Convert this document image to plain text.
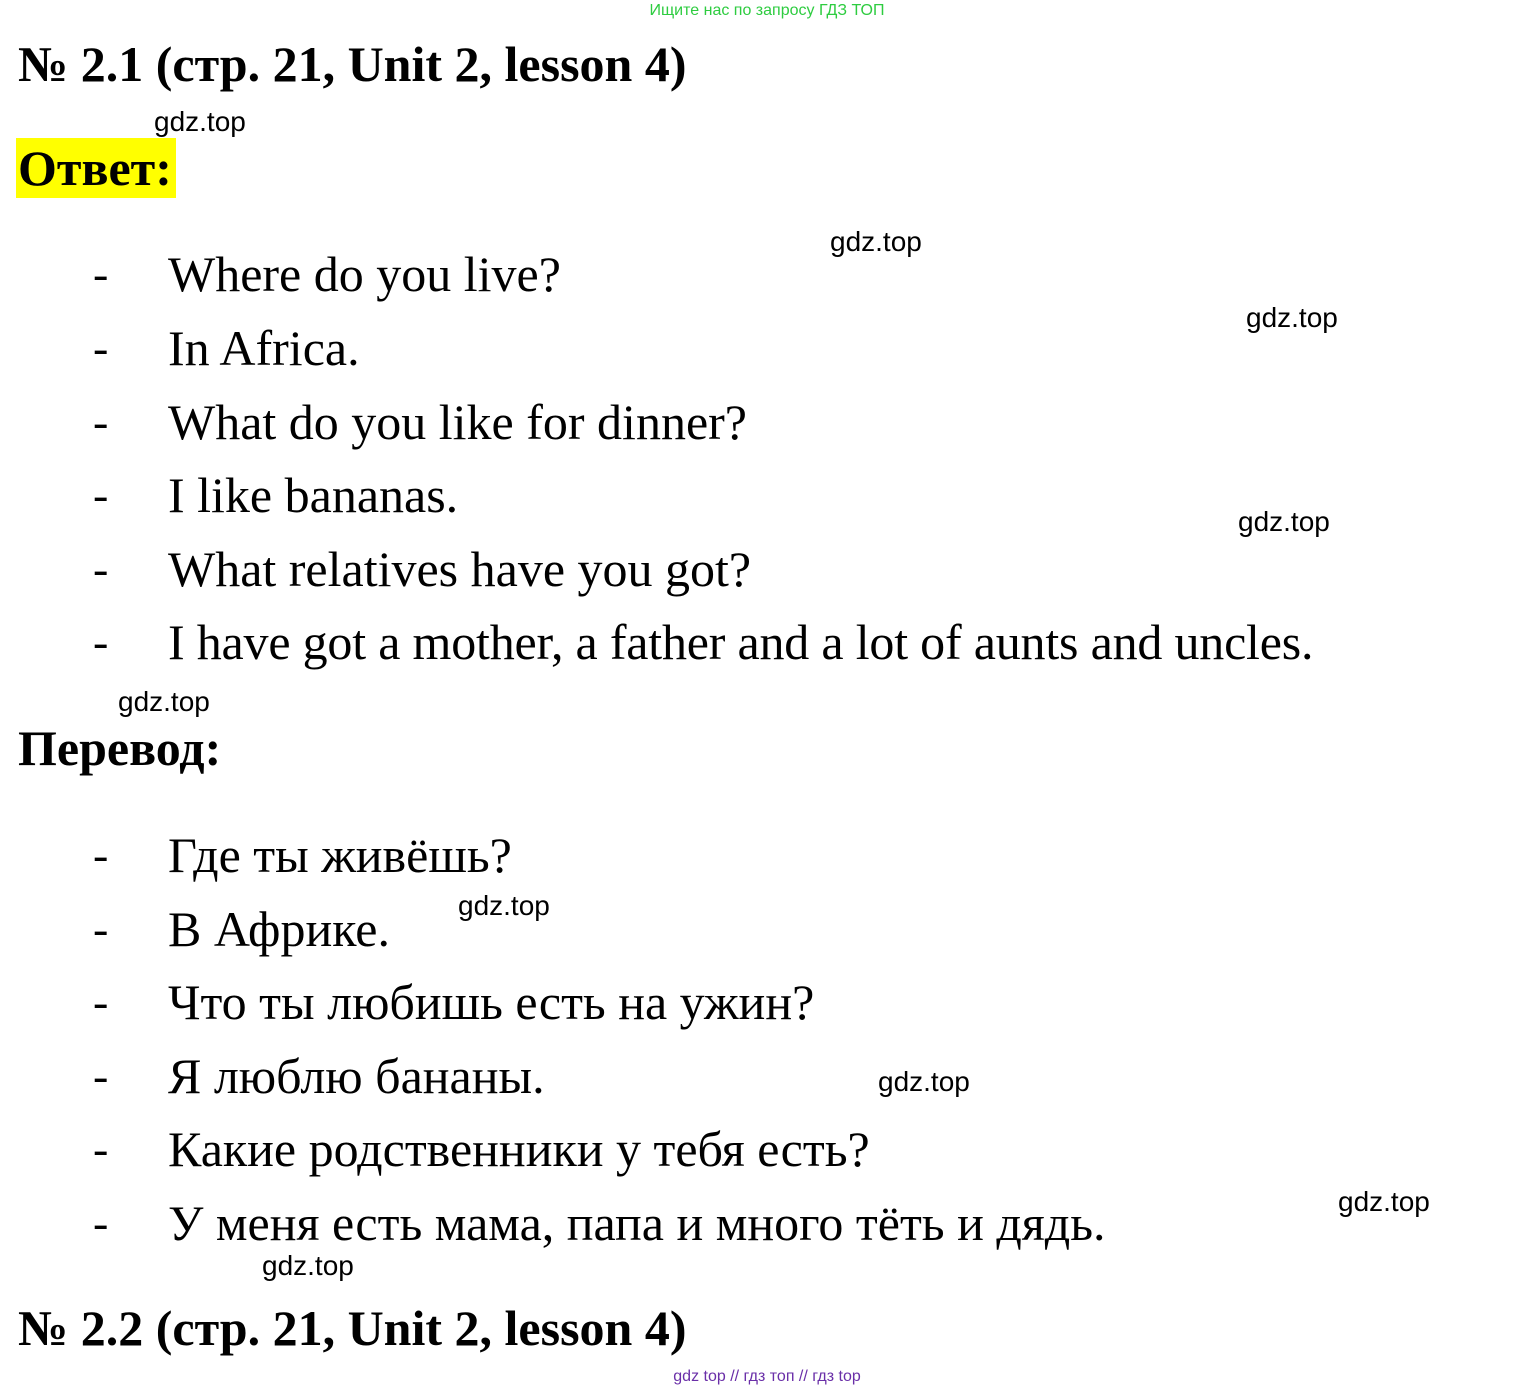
Ищите нас по запросу ГДЗ ТОП
№ 2.1 (стр. 21, Unit 2, lesson 4)
gdz.top
Ответ:
gdz.top
gdz.top
- Where do you live?
- In Africa.
- What do you like for dinner?
- I like bananas.	gdz.top
- What relatives have you got?
- I have got a mother, a father and a lot of aunts and uncles.
gdz.top
Перевод:
- Где ты живёшь?
gdz.top
- В Африке.
- Что ты любишь есть на ужин?
- Я люблю бананы.	gdz.top
- Какие родственники у тебя есть?
gdz.top
- У меня есть мама, папа и много тёть и дядь.
gdz.top
№ 2.2 (стр. 21, Unit 2, lesson 4)
gdz top // гдз топ // гдз top
